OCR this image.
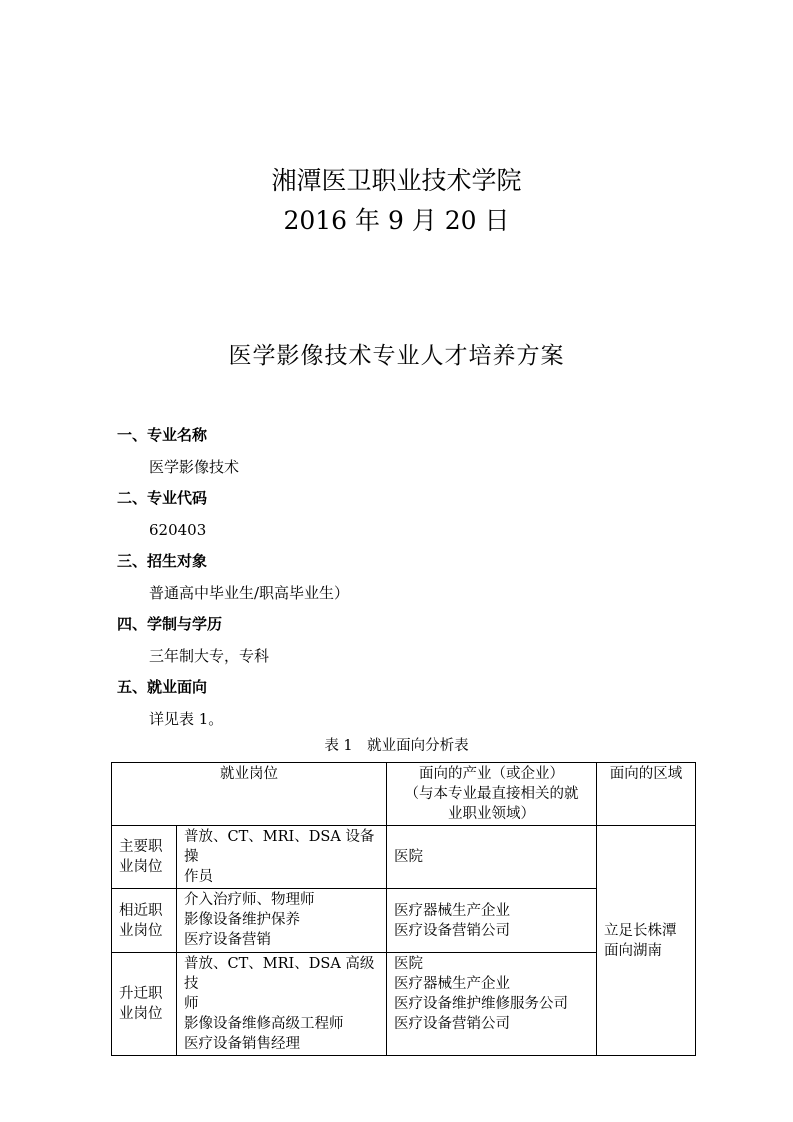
湘潭医卫职业技术学院
2016 年 9 月 20 日
医学影像技术专业人才培养方案
一、专业名称
医学影像技术
二、专业代码
620403
三、招生对象
普通高中毕业生/职高毕业生）
四、学制与学历
三年制大专，专科
五、就业面向
详见表 1。
表 1　就业面向分析表
就业岗位		面向的产业（或企业）
（与本专业最直接相关的就
业职业领域）	面向的区域

主要职
业岗位	普放、CT、MRI、DSA 设备操
作员	医院	立足长株潭
面向湖南

相近职
业岗位	介入治疗师、物理师
影像设备维护保养
医疗设备营销	医疗器械生产企业
医疗设备营销公司	

升迁职
业岗位	普放、CT、MRI、DSA 高级技
师
影像设备维修高级工程师
医疗设备销售经理	医院
医疗器械生产企业
医疗设备维护维修服务公司
医疗设备营销公司	
